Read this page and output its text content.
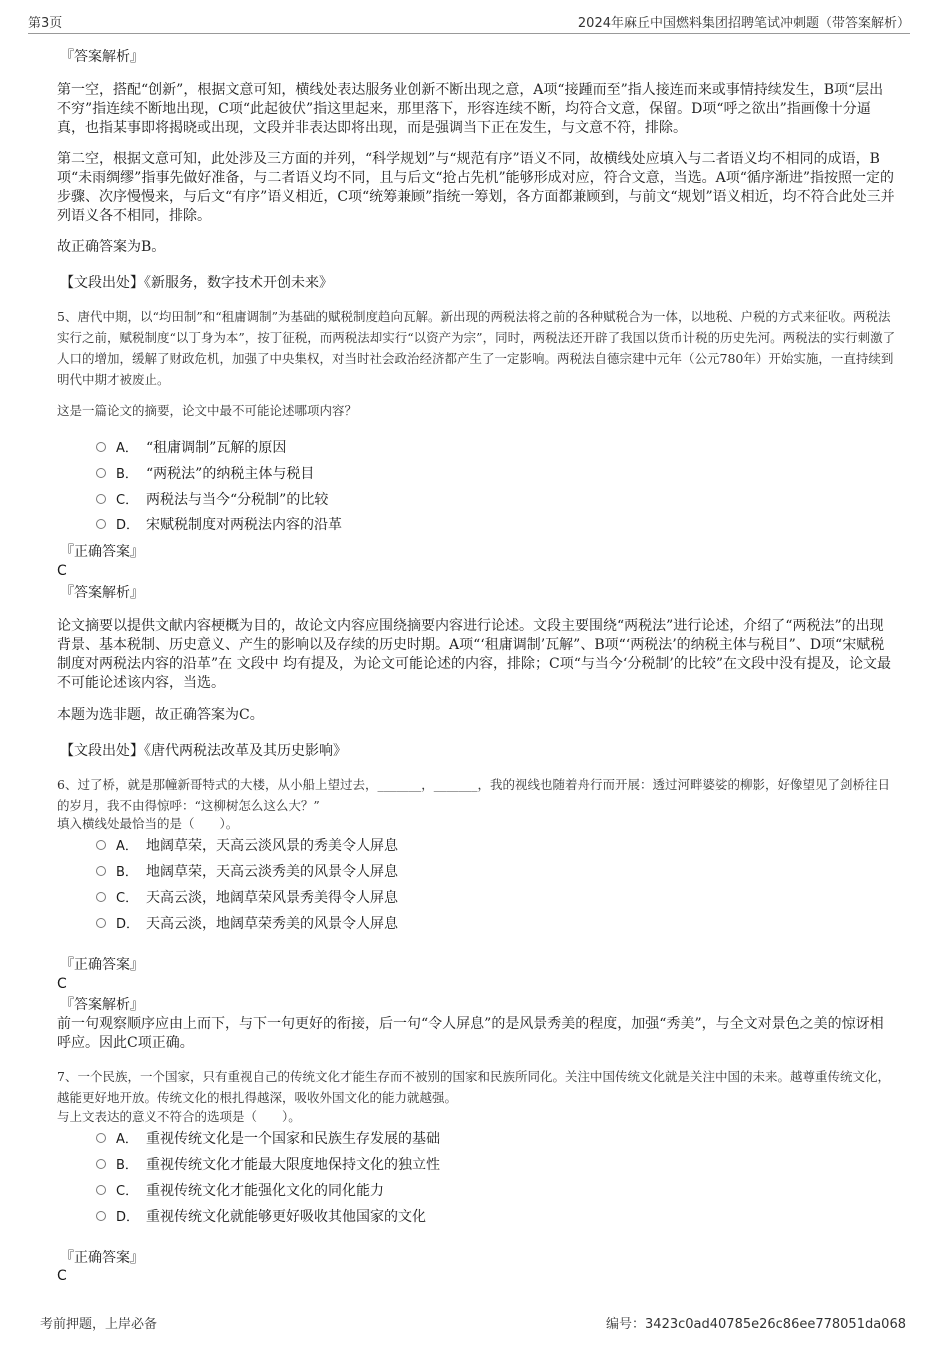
第3页	2024年麻丘中国燃料集团招聘笔试冲刺题（带答案解析）
『答案解析』
第一空，搭配“创新”，根据文意可知，横线处表达服务业创新不断出现之意，A项“接踵而至”指人接连而来或事情持续发生，B项“层出不穷”指连续不断地出现，C项“此起彼伏”指这里起来，那里落下，形容连续不断，均符合文意，保留。D项“呼之欲出”指画像十分逼真，也指某事即将揭晓或出现，文段并非表达即将出现，而是强调当下正在发生，与文意不符，排除。
第二空，根据文意可知，此处涉及三方面的并列，“科学规划”与“规范有序”语义不同，故横线处应填入与二者语义均不相同的成语，B项“未雨绸缪”指事先做好准备，与二者语义均不同，且与后文“抢占先机”能够形成对应，符合文意，当选。A项“循序渐进”指按照一定的步骤、次序慢慢来，与后文“有序”语义相近，C项“统筹兼顾”指统一筹划，各方面都兼顾到，与前文“规划”语义相近，均不符合此处三并列语义各不相同，排除。
故正确答案为B。
【文段出处】《新服务，数字技术开创未来》
5、唐代中期，以“均田制”和“租庸调制”为基础的赋税制度趋向瓦解。新出现的两税法将之前的各种赋税合为一体，以地税、户税的方式来征收。两税法实行之前，赋税制度“以丁身为本”，按丁征税，而两税法却实行“以资产为宗”，同时，两税法还开辟了我国以货币计税的历史先河。两税法的实行刺激了人口的增加，缓解了财政危机，加强了中央集权，对当时社会政治经济都产生了一定影响。两税法自德宗建中元年（公元780年）开始实施，一直持续到明代中期才被废止。
这是一篇论文的摘要，论文中最不可能论述哪项内容？
A． “租庸调制”瓦解的原因
B． “两税法”的纳税主体与税目
C． 两税法与当今“分税制”的比较
D． 宋赋税制度对两税法内容的沿革
『正确答案』
C
『答案解析』
论文摘要以提供文献内容梗概为目的，故论文内容应围绕摘要内容进行论述。文段主要围绕“两税法”进行论述，介绍了“两税法”的出现背景、基本税制、历史意义、产生的影响以及存续的历史时期。A项“‘租庸调制’瓦解”、B项“‘两税法’的纳税主体与税目”、D项“宋赋税制度对两税法内容的沿革”在 文段中 均有提及，为论文可能论述的内容，排除；C项“与当今‘分税制’的比较”在文段中没有提及，论文最不可能论述该内容，当选。
本题为选非题，故正确答案为C。
【文段出处】《唐代两税法改革及其历史影响》
6、过了桥，就是那幢新哥特式的大楼，从小船上望过去，_______，_______，我的视线也随着舟行而开展：透过河畔婆娑的柳影，好像望见了剑桥往日的岁月，我不由得惊呼：“这柳树怎么这么大？”
填入横线处最恰当的是（　　）。
A． 地阔草荣，天高云淡风景的秀美令人屏息
B． 地阔草荣，天高云淡秀美的风景令人屏息
C． 天高云淡，地阔草荣风景秀美得令人屏息
D． 天高云淡，地阔草荣秀美的风景令人屏息
『正确答案』
C
『答案解析』
前一句观察顺序应由上而下，与下一句更好的衔接，后一句“令人屏息”的是风景秀美的程度，加强“秀美”，与全文对景色之美的惊讶相呼应。因此C项正确。
7、一个民族，一个国家，只有重视自己的传统文化才能生存而不被别的国家和民族所同化。关注中国传统文化就是关注中国的未来。越尊重传统文化，越能更好地开放。传统文化的根扎得越深，吸收外国文化的能力就越强。
与上文表达的意义不符合的选项是（　　）。
A． 重视传统文化是一个国家和民族生存发展的基础
B． 重视传统文化才能最大限度地保持文化的独立性
C． 重视传统文化才能强化文化的同化能力
D． 重视传统文化就能够更好吸收其他国家的文化
『正确答案』
C
考前押题，上岸必备	编号：3423c0ad40785e26c86ee778051da068
